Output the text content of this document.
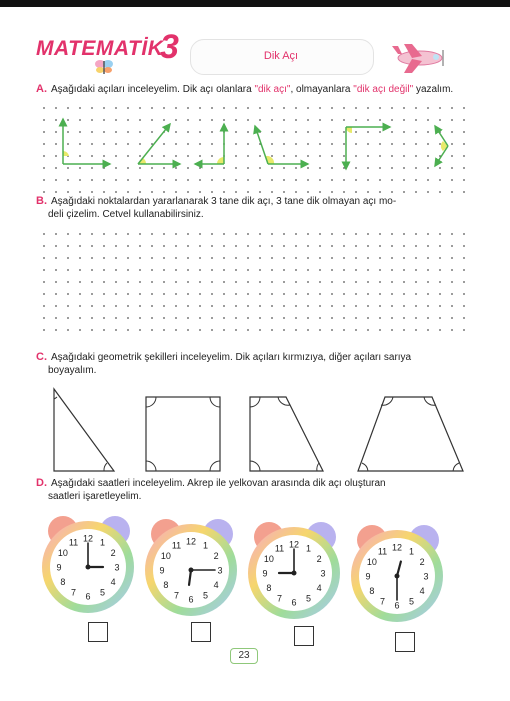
MATEMATİK
3	Dik Açı
A. Aşağıdaki açıları inceleyelim. Dik açı olanlara "dik açı", olmayanlara "dik açı değil" yazalım.
B. Aşağıdaki noktalardan yararlanarak 3 tane dik açı, 3 tane dik olmayan açı mo-
deli çizelim. Cetvel kullanabilirsiniz.
C. Aşağıdaki geometrik şekilleri inceleyelim. Dik açıları kırmızıya, diğer açıları sarıya
boyayalım.
D. Aşağıdaki saatleri inceleyelim. Akrep ile yelkovan arasında dik açı oluşturan
saatleri işaretleyelim.
12 1
2
3
4
5
6
7
8
9
10
11	12 1
2
3
4
5
6
7
8
9
10
11	12 1
2
3
4
5
6
7
8
9
10
11	12 1
2
3
4
5
6
7
8
9
10
11
23
